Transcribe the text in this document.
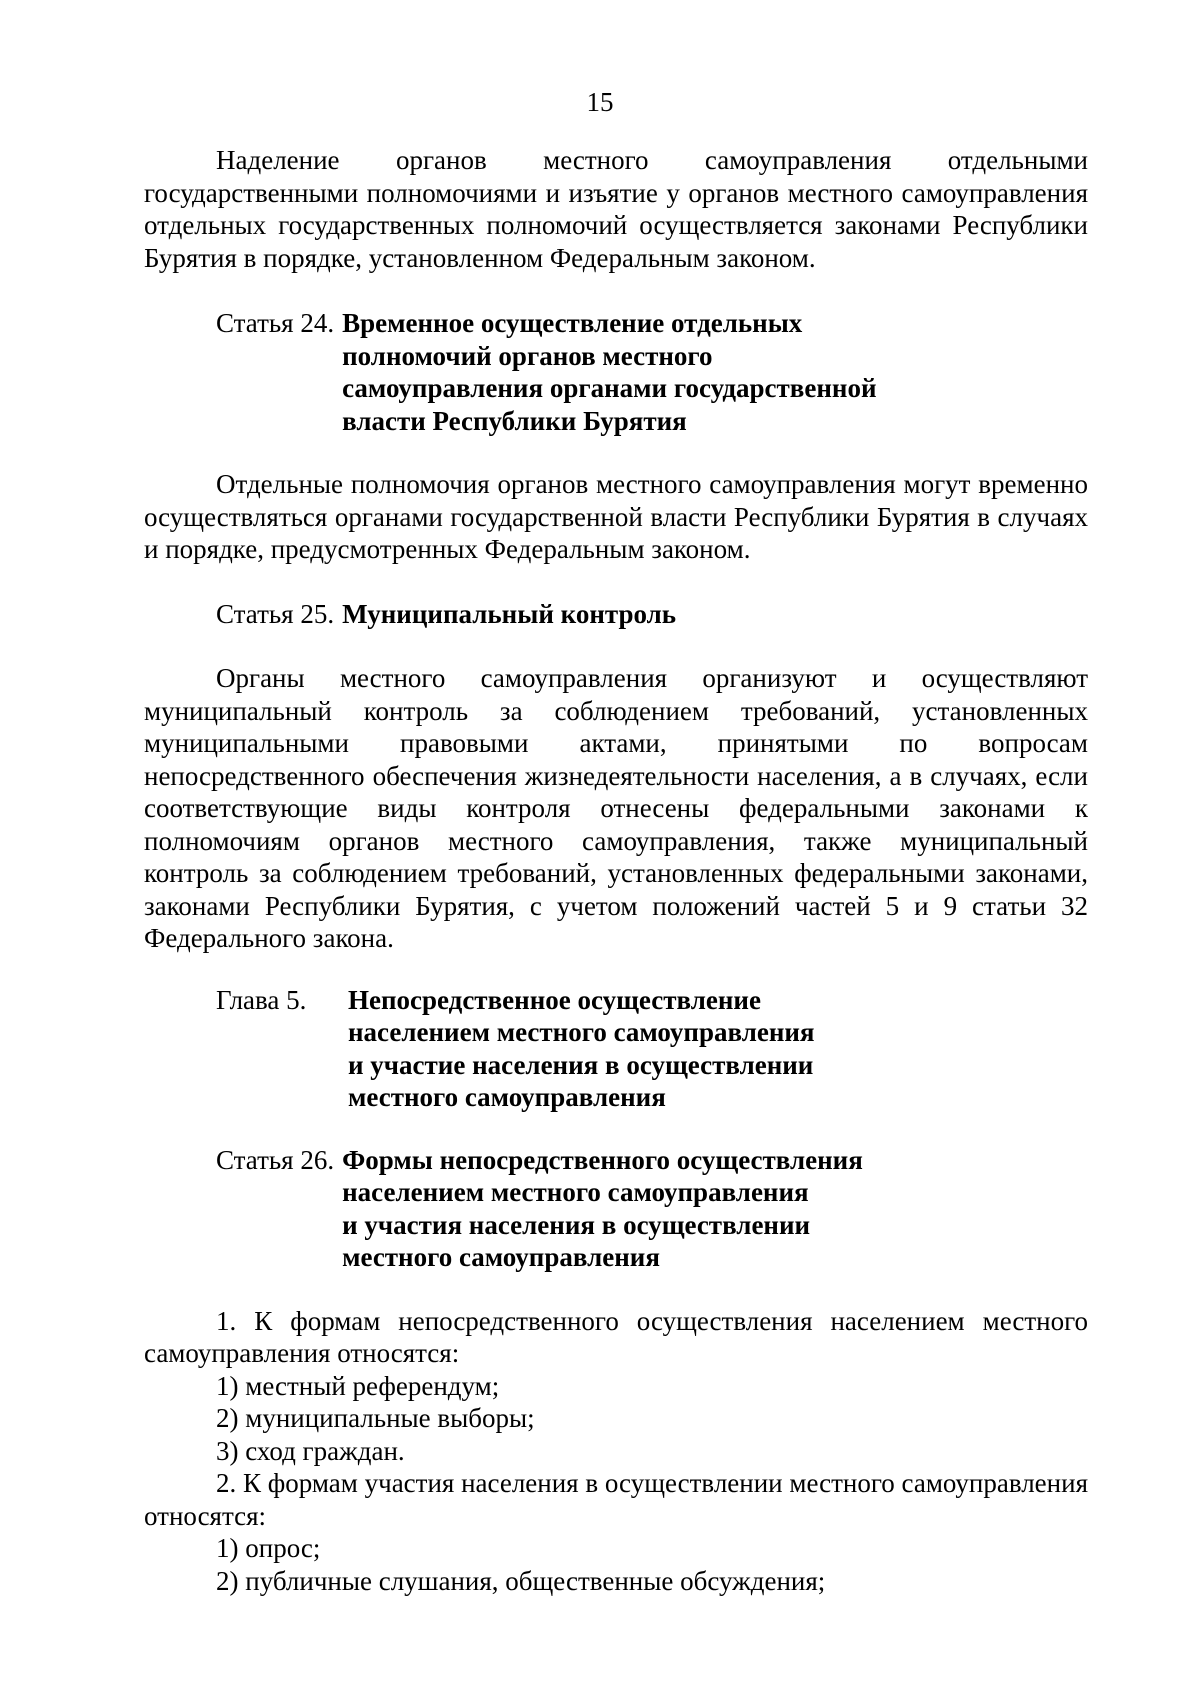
15

Наделение органов местного самоуправления отдельными государственными полномочиями и изъятие у органов местного самоуправления отдельных государственных полномочий осуществляется законами Республики Бурятия в порядке, установленном Федеральным законом.

Статья 24. Временное осуществление отдельных
полномочий органов местного
самоуправления органами государственной
власти Республики Бурятия

Отдельные полномочия органов местного самоуправления могут временно осуществляться органами государственной власти Республики Бурятия в случаях и порядке, предусмотренных Федеральным законом.

Статья 25. Муниципальный контроль

Органы местного самоуправления организуют и осуществляют муниципальный контроль за соблюдением требований, установленных муниципальными правовыми актами, принятыми по вопросам непосредственного обеспечения жизнедеятельности населения, а в случаях, если соответствующие виды контроля отнесены федеральными законами к полномочиям органов местного самоуправления, также муниципальный контроль за соблюдением требований, установленных федеральными законами, законами Республики Бурятия, с учетом положений частей 5 и 9 статьи 32 Федерального закона.

Глава 5.	Непосредственное осуществление
населением местного самоуправления
и участие населения в осуществлении
местного самоуправления
Статья 26. Формы непосредственного осуществления
населением местного самоуправления
и участия населения в осуществлении
местного самоуправления

1. К формам непосредственного осуществления населением местного самоуправления относятся:

1) местный референдум;

2) муниципальные выборы;

3) сход граждан.

2. К формам участия населения в осуществлении местного самоуправления относятся:

1) опрос;

2) публичные слушания, общественные обсуждения;
